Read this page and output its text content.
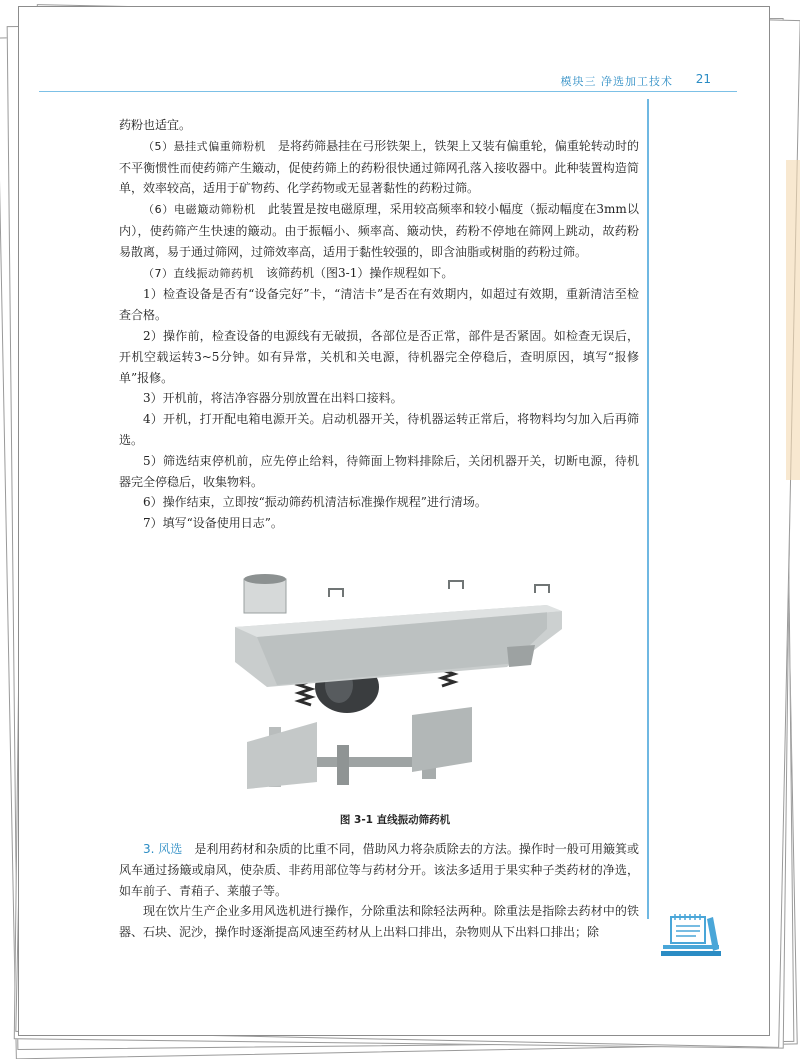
模块三 净选加工技术 21

药粉也适宜。

（5）悬挂式偏重筛粉机　 是将药筛悬挂在弓形铁架上，铁架上又装有偏重轮，偏重轮转动时的不平衡惯性而使药筛产生簸动，促使药筛上的药粉很快通过筛网孔落入接收器中。此种装置构造简单，效率较高，适用于矿物药、化学药物或无显著黏性的药粉过筛。

（6）电磁簸动筛粉机　 此装置是按电磁原理，采用较高频率和较小幅度（振动幅度在3mm以内），使药筛产生快速的簸动。由于振幅小、频率高、簸动快，药粉不停地在筛网上跳动，故药粉易散离，易于通过筛网，过筛效率高，适用于黏性较强的，即含油脂或树脂的药粉过筛。

（7）直线振动筛药机　 该筛药机（图3-1）操作规程如下。

1）检查设备是否有“设备完好”卡，“清洁卡”是否在有效期内，如超过有效期，重新清洁至检查合格。

2）操作前，检查设备的电源线有无破损，各部位是否正常，部件是否紧固。如检查无误后，开机空载运转3~5分钟。如有异常，关机和关电源，待机器完全停稳后，查明原因，填写“报修单”报修。

3）开机前，将洁净容器分别放置在出料口接料。

4）开机，打开配电箱电源开关。启动机器开关，待机器运转正常后，将物料均匀加入后再筛选。

5）筛选结束停机前，应先停止给料，待筛面上物料排除后，关闭机器开关，切断电源，待机器完全停稳后，收集物料。

6）操作结束，立即按“振动筛药机清洁标准操作规程”进行清场。

7）填写“设备使用日志”。

图 3-1 直线振动筛药机

3. 风选　 是利用药材和杂质的比重不同，借助风力将杂质除去的方法。操作时一般可用簸箕或风车通过扬簸或扇风，使杂质、非药用部位等与药材分开。该法多适用于果实种子类药材的净选，如车前子、青葙子、莱菔子等。

现在饮片生产企业多用风选机进行操作，分除重法和除轻法两种。除重法是指除去药材中的铁器、石块、泥沙，操作时逐渐提高风速至药材从上出料口排出，杂物则从下出料口排出；除
